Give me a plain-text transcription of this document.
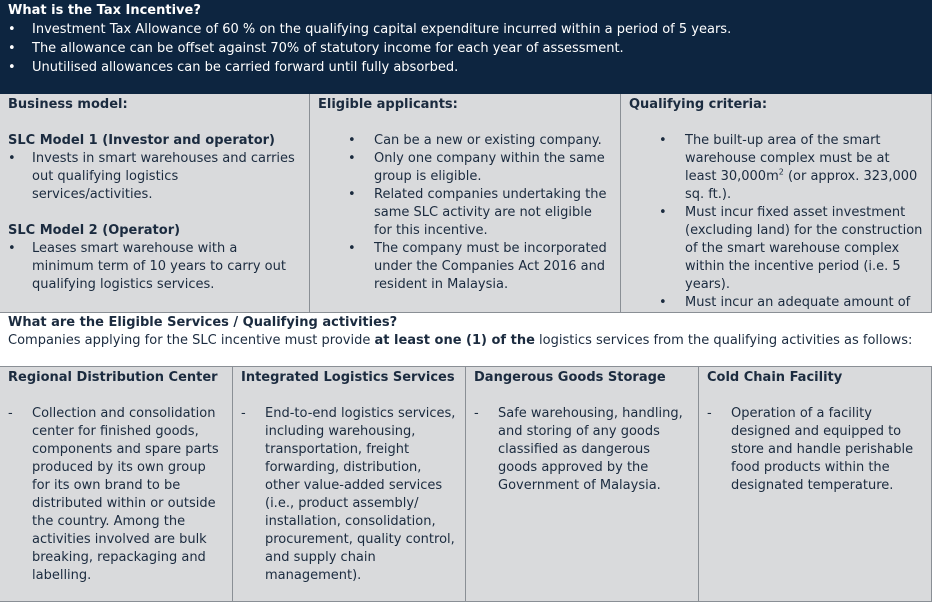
What is the Tax Incentive?
• Investment Tax Allowance of 60 % on the qualifying capital expenditure incurred within a period of 5 years.
• The allowance can be offset against 70% of statutory income for each year of assessment.
• Unutilised allowances can be carried forward until fully absorbed.
Business model:
SLC Model 1 (Investor and operator)
• Invests in smart warehouses and carries out qualifying logistics services/activities.
SLC Model 2 (Operator)
• Leases smart warehouse with a minimum term of 10 years to carry out qualifying logistics services.
Eligible applicants:
• Can be a new or existing company.
• Only one company within the same group is eligible.
• Related companies undertaking the same SLC activity are not eligible for this incentive.
• The company must be incorporated under the Companies Act 2016 and resident in Malaysia.
Qualifying criteria:
• The built-up area of the smart warehouse complex must be at least $30,000m^2$ (or approx. 323,000 sq. ft.).
• Must incur fixed asset investment (excluding land) for the construction of the smart warehouse complex within the incentive period (i.e. 5 years).
• Must incur an adequate amount of
What are the Eligible Services / Qualifying activities?
Companies applying for the SLC incentive must provide at least one (1) of the logistics services from the qualifying activities as follows:
Regional Distribution Center
- Collection and consolidation center for finished goods, components and spare parts produced by its own group for its own brand to be distributed within or outside the country. Among the activities involved are bulk breaking, repackaging and labelling.
Integrated Logistics Services
- End-to-end logistics services, including warehousing, transportation, freight forwarding, distribution, other value-added services (i.e., product assembly/ installation, consolidation, procurement, quality control, and supply chain management).
Dangerous Goods Storage
- Safe warehousing, handling, and storing of any goods classified as dangerous goods approved by the Government of Malaysia.
Cold Chain Facility
- Operation of a facility designed and equipped to store and handle perishable food products within the designated temperature.
